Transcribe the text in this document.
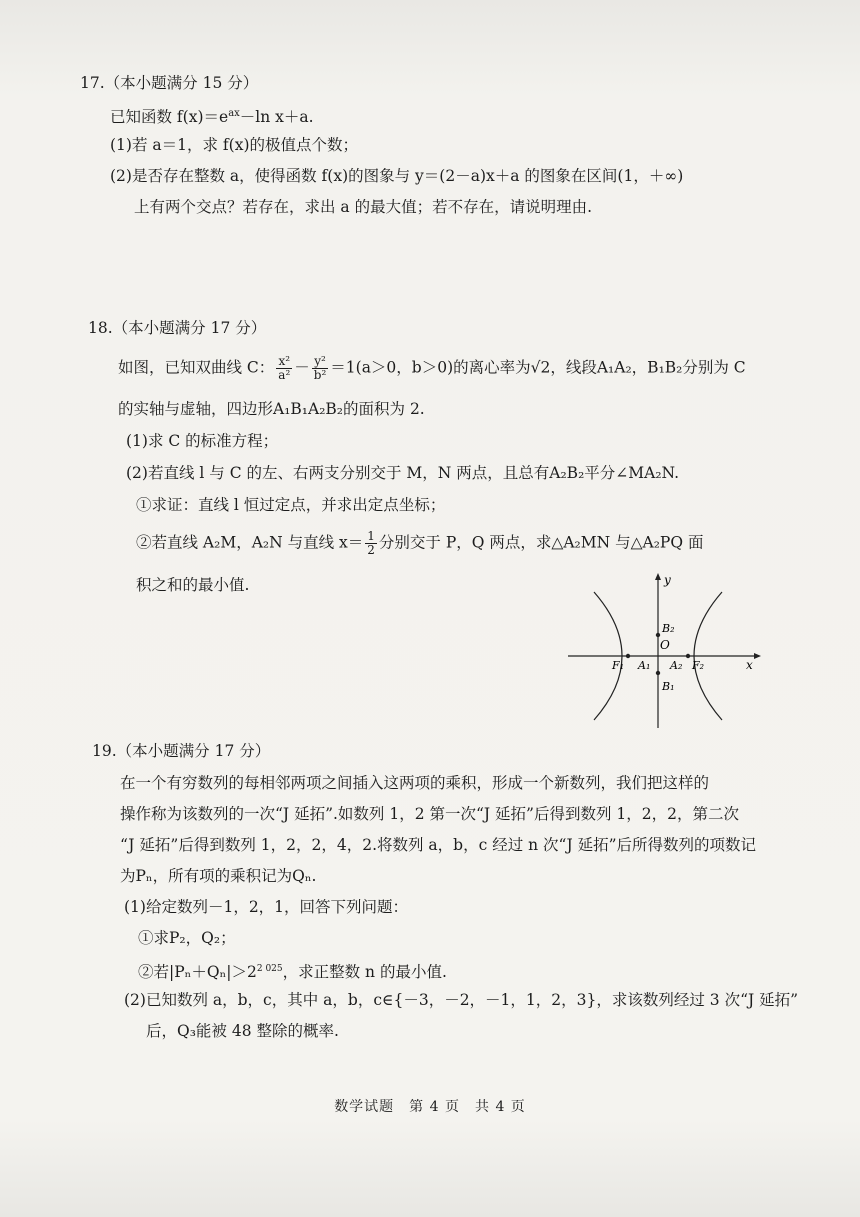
17.（本小题满分 15 分）
已知函数 $f(x)=e^{ax}-\ln$ x＋a.
(1)若 a＝1，求 f(x)的极值点个数；
(2)是否存在整数 a，使得函数 f(x)的图象与 y＝(2－a)x＋a 的图象在区间(1，＋∞)
上有两个交点？若存在，求出 a 的最大值；若不存在，请说明理由.
18.（本小题满分 17 分）
如图，已知双曲线 C： $\frac{\text{x²}}{\text{a²}} - \frac{\text{y²}}{\text{b²}} =1(a>0$，b＞0)的离心率为√2，线段A₁A₂，B₁B₂分别为 C
的实轴与虚轴，四边形A₁B₁A₂B₂的面积为 2.
(1)求 C 的标准方程；
(2)若直线 l 与 C 的左、右两支分别交于 M，N 两点，且总有A₂B₂平分∠MA₂N.
①求证：直线 l 恒过定点，并求出定点坐标；
②若直线 A₂M，A₂N 与直线 $x= \frac{1}{2}$ 分别交于 P，Q 两点，求△A₂MN 与△A₂PQ 面
积之和的最小值.	y
x
O
B₂
B₁
F₁ A₁ A₂ F₂
19.（本小题满分 17 分）
在一个有穷数列的每相邻两项之间插入这两项的乘积，形成一个新数列，我们把这样的
操作称为该数列的一次“J 延拓”.如数列 1，2 第一次“J 延拓”后得到数列 1，2，2，第二次
“J 延拓”后得到数列 1，2，2，4，2.将数列 a，b，c 经过 n 次“J 延拓”后所得数列的项数记
为Pₙ，所有项的乘积记为Qₙ.
(1)给定数列－1，2，1，回答下列问题：
①求P₂，Q₂；
②若$|P_n+Q_n|>2^{2 025}$，求正整数 n 的最小值.
(2)已知数列 a，b，c，其中 a，b，c∈{－3，－2，－1，1，2，3}，求该数列经过 3 次“J 延拓”
后，Q₃能被 48 整除的概率.
数学试题　第 4 页　共 4 页
